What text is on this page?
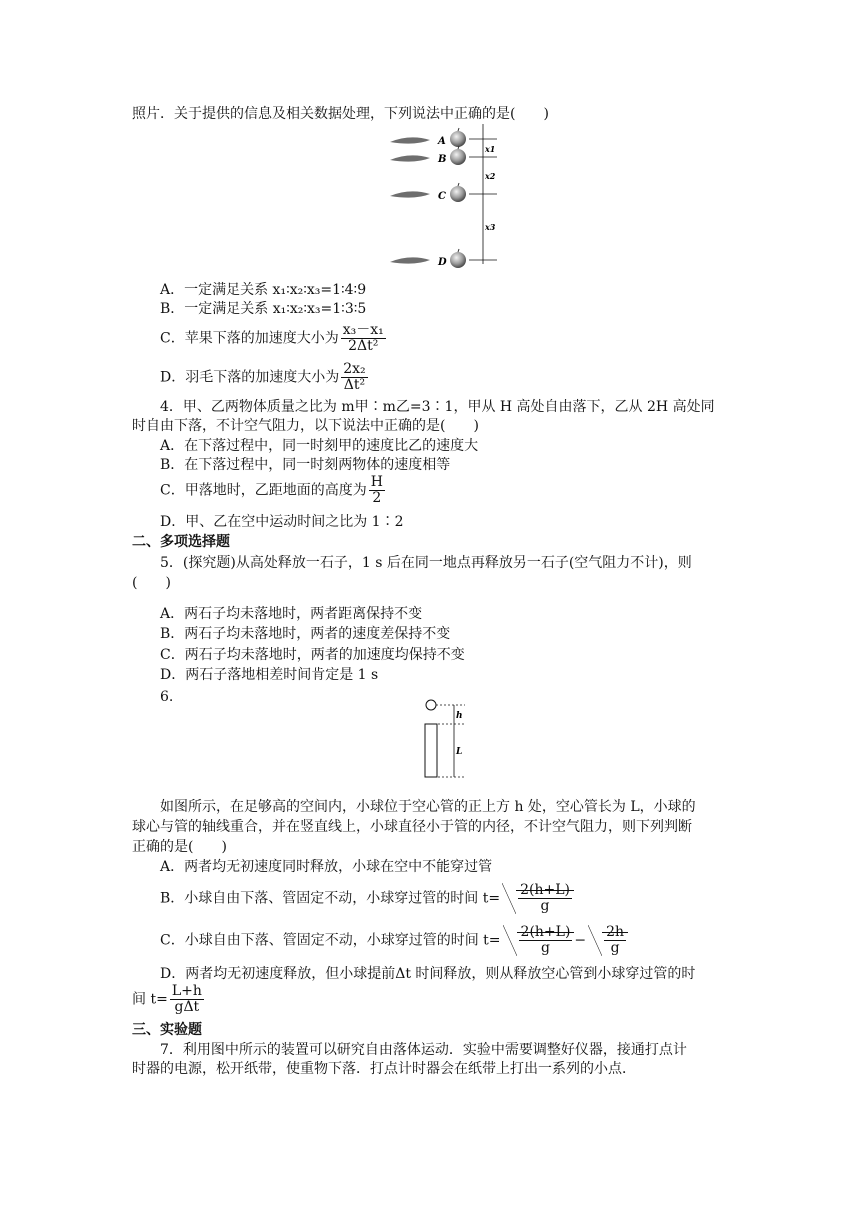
照片．关于提供的信息及相关数据处理，下列说法中正确的是(　　)
A
B
C
D
x1
x2
x3
A．一定满足关系 x₁∶x₂∶x₃=1∶4∶9
B．一定满足关系 x₁∶x₂∶x₃=1∶3∶5
C．苹果下落的加速度大小为 $\frac{\text{x₃－x₁}}{\text{2Δt²}}$
D．羽毛下落的加速度大小为 $\frac{\text{2x₂}}{\text{Δt²}}$
4．甲、乙两物体质量之比为 m甲∶m乙=3∶1，甲从 H 高处自由落下，乙从 2H 高处同
时自由下落，不计空气阻力，以下说法中正确的是(　　)
A．在下落过程中，同一时刻甲的速度比乙的速度大
B．在下落过程中，同一时刻两物体的速度相等
C．甲落地时，乙距地面的高度为 $\frac{H}{2}$
D．甲、乙在空中运动时间之比为 1∶2
二、多项选择题
5．(探究题)从高处释放一石子，1 s 后在同一地点再释放另一石子(空气阻力不计)，则
(　　)
A．两石子均未落地时，两者距离保持不变
B．两石子均未落地时，两者的速度差保持不变
C．两石子均未落地时，两者的加速度均保持不变
D．两石子落地相差时间肯定是 1 s
6.
h
L
如图所示，在足够高的空间内，小球位于空心管的正上方 h 处，空心管长为 L，小球的
球心与管的轴线重合，并在竖直线上，小球直径小于管的内径，不计空气阻力，则下列判断
正确的是(　　)
A．两者均无初速度同时释放，小球在空中不能穿过管
B．小球自由下落、管固定不动，小球穿过管的时间 $t= \frac{2(h+L)}{g}$
C．小球自由下落、管固定不动，小球穿过管的时间 $t= \frac{2(h+L)}{g} - \frac{2h}{g}$
D．两者均无初速度释放，但小球提前Δt 时间释放，则从释放空心管到小球穿过管的时
间 $t= \frac{L+h}{\text{gΔt}}$
三、实验题
7．利用图中所示的装置可以研究自由落体运动．实验中需要调整好仪器，接通打点计
时器的电源，松开纸带，使重物下落．打点计时器会在纸带上打出一系列的小点．
